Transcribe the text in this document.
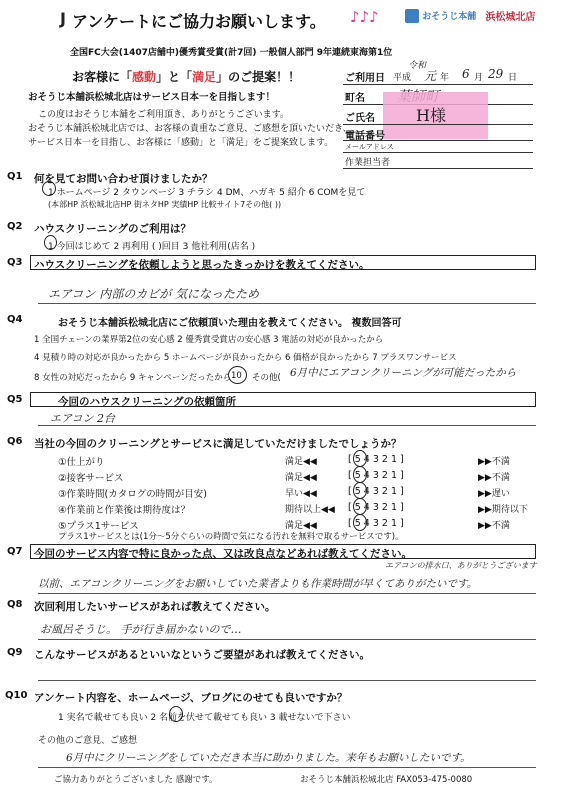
J アンケートにご協力お願いします。 ♪♪♪	おそうじ本舗 浜松城北店
全国FC大会(1407店舗中)優秀賞受賞(計7回) 一般個人部門 9年連続東海第1位
お客様に「感動」と「満足」のご提案！！
おそうじ本舗浜松城北店はサービス日本一を目指します！
この度はおそうじ本舗をご利用頂き、ありがとうございます。
おそうじ本舗浜松城北店では、お客様の貴重なご意見、ご感想を頂いたいだき、
サービス日本一を目指し、お客様に「感動」と「満足」をご提案致します。
ご利用日 平成
令和
元 年 6 月 29 日
町名
ご氏名	H様
電話番号
メールアドレス
作業担当者
Q1 何を見てお問い合わせ頂けましたか？
1 ホームページ 2 タウンページ 3 チラシ 4 DM、ハガキ 5 紹介 6 COMを見て
(本部HP 浜松城北店HP 街ネタHP 実績HP 比較サイト7その他( ))
Q2 ハウスクリーニングのご利用は？
1 今回はじめて 2 再利用 ( )回目 3 他社利用(店名 )
Q3 ハウスクリーニングを依頼しようと思ったきっかけを教えてください。
エアコン 内部のカビが 気になったため
Q4	おそうじ本舗浜松城北店にご依頼頂いた理由を教えてください。 複数回答可
1 全国チェーンの業界第2位の安心感 2 優秀賞受賞店の安心感 3 電話の対応が良かったから
4 見積り時の対応が良かったから 5 ホームページが良かったから 6 価格が良かったから 7 プラスワンサービス
8 女性の対応だったから 9 キャンペーンだったから 10 その他( 6月中にエアコンクリーニングが可能だったから
Q5	今回のハウスクリーニングの依頼箇所
エアコン 2台
Q6 当社の今回のクリーニングとサービスに満足していただけましたでしょうか？
①仕上がり	満足◀◀	[ 5 4 3 2 1 ]	▶▶不満
②接客サービス	満足◀◀	[ 5 4 3 2 1 ]	▶▶不満
③作業時間(カタログの時間が目安)	早い◀◀	[ 5 4 3 2 1 ]	▶▶遅い
④作業前と作業後は期待度は？	期待以上◀◀ [ 5 4 3 2 1 ]	▶▶期待以下
⑤プラス1サービス	満足◀◀	[ 5 4 3 2 1 ]	▶▶不満
プラス1サービスとは(1分～5分ぐらいの時間で気になる汚れを無料で取るサービスです)。
Q7 今回のサービス内容で特に良かった点、又は改良点などあれば教えてください。
エアコンの排水口、ありがとうございます
以前、エアコンクリーニングをお願いしていた業者よりも作業時間が早くてありがたいです。
Q8 次回利用したいサービスがあれば教えてください。
お風呂そうじ。 手が行き届かないので…
Q9 こんなサービスがあるといいなというご要望があれば教えてください。
Q10 アンケート内容を、ホームページ、ブログにのせても良いですか？
1 実名で載せても良い 2 名前を伏せて載せても良い 3 載せないで下さい
その他のご意見、ご感想
6月中にクリーニングをしていただき本当に助かりました。来年もお願いしたいです。
ご協力ありがとうございました 感謝です。	おそうじ本舗浜松城北店 FAX053-475-0080
